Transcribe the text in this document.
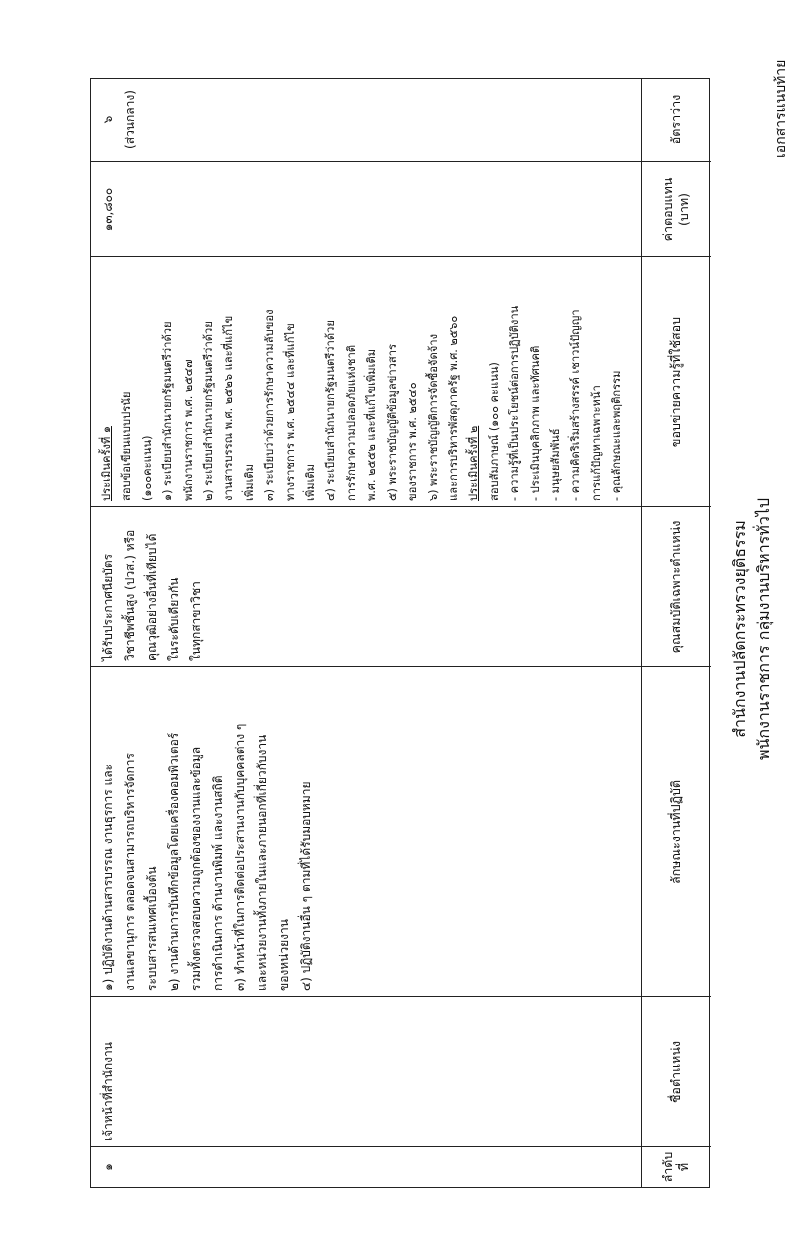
เอกสารแนบท้าย
พนักงานราชการ กลุ่มงานบริหารทั่วไป
สำนักงานปลัดกระทรวงยุติธรรม
ลำดับที่
ชื่อตำแหน่ง
ลักษณะงานที่ปฏิบัติ
คุณสมบัติเฉพาะตำแหน่ง
ขอบข่ายความรู้ที่ใช้สอบ
ค่าตอบแทน (บาท)
อัตราว่าง
๑
เจ้าหน้าที่สำนักงาน
๑) ปฏิบัติงานด้านสารบรรณ งานธุรการ และ งานเลขานุการ ตลอดจนสามารถบริหารจัดการ ระบบสารสนเทศเบื้องต้น ๒) งานด้านการบันทึกข้อมูลโดยเครื่องคอมพิวเตอร์ รวมทั้งตรวจสอบความถูกต้องของงานและข้อมูล การดำเนินการ ด้านงานพิมพ์ และงานสถิติ ๓) ทำหน้าที่ในการติดต่อประสานงานกับบุคคลต่าง ๆ และหน่วยงานทั้งภายในและภายนอกที่เกี่ยวกับงาน ของหน่วยงาน ๔) ปฏิบัติงานอื่น ๆ ตามที่ได้รับมอบหมาย
ได้รับประกาศนียบัตร วิชาชีพชั้นสูง (ปวส.) หรือ คุณวุฒิอย่างอื่นที่เทียบได้ ในระดับเดียวกัน ในทุกสาขาวิชา
ประเมินครั้งที่ ๑ สอบข้อเขียนแบบปรนัย (๑๐๐คะแนน) ๑) ระเบียบสำนักนายกรัฐมนตรีว่าด้วย พนักงานราชการ พ.ศ. ๒๕๔๗ ๒) ระเบียบสำนักนายกรัฐมนตรีว่าด้วย งานสารบรรณ พ.ศ. ๒๕๒๖ และที่แก้ไข เพิ่มเติม ๓) ระเบียบว่าด้วยการรักษาความลับของ ทางราชการ พ.ศ. ๒๕๔๔ และที่แก้ไข เพิ่มเติม ๔) ระเบียบสำนักนายกรัฐมนตรีว่าด้วย การรักษาความปลอดภัยแห่งชาติ พ.ศ. ๒๕๕๒ และที่แก้ไขเพิ่มเติม ๕) พระราชบัญญัติข้อมูลข่าวสาร ของราชการ พ.ศ. ๒๕๔๐ ๖) พระราชบัญญัติการจัดซื้อจัดจ้าง และการบริหารพัสดุภาครัฐ พ.ศ. ๒๕๖๐ ประเมินครั้งที่ ๒ สอบสัมภาษณ์ (๑๐๐ คะแนน) - ความรู้ที่เป็นประโยชน์ต่อการปฏิบัติงาน - ประเมินบุคลิกภาพ และทัศนคติ - มนุษยสัมพันธ์ - ความคิดริเริ่มสร้างสรรค์ เชาวน์ปัญญา การแก้ปัญหาเฉพาะหน้า - คุณลักษณะและพฤติกรรม
๑๓,๘๐๐
๖ (ส่วนกลาง)
